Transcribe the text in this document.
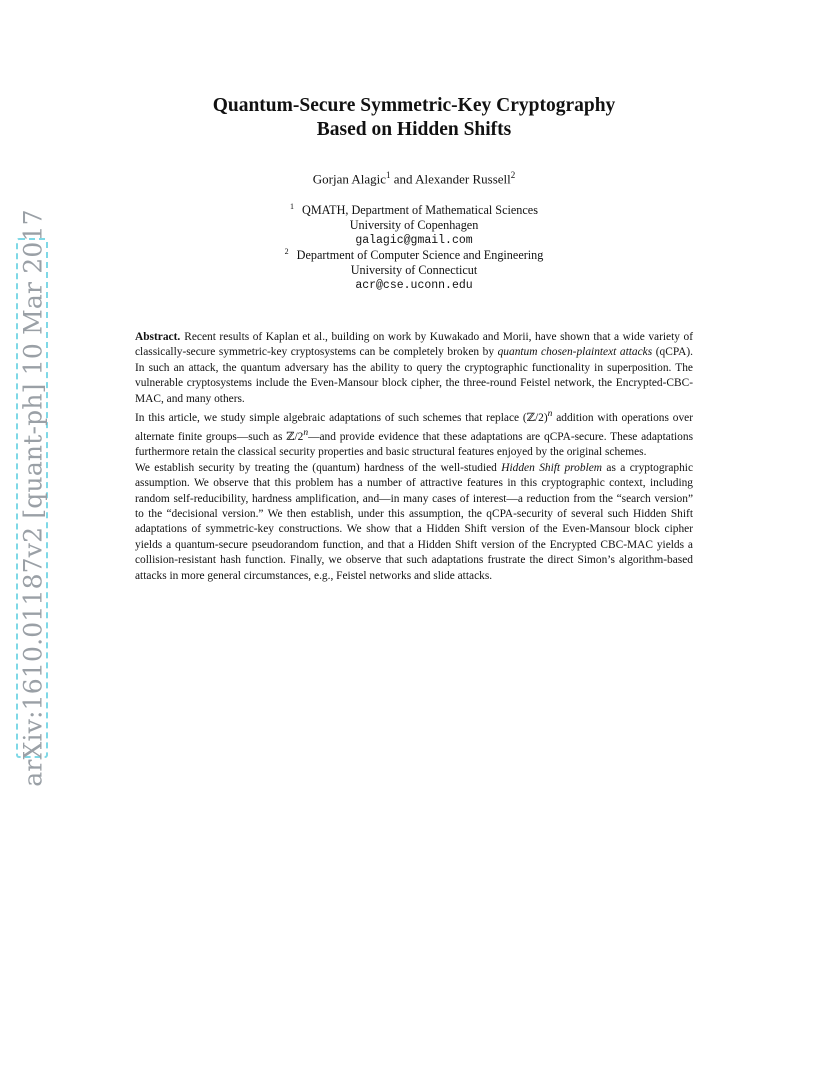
arXiv:1610.01187v2 [quant-ph] 10 Mar 2017
Quantum-Secure Symmetric-Key Cryptography
Based on Hidden Shifts
Gorjan Alagic$^1$ and Alexander Russell$^2$
$^1$ QMATH, Department of Mathematical Sciences
University of Copenhagen
galagic@gmail.com
$^2$ Department of Computer Science and Engineering
University of Connecticut
acr@cse.uconn.edu

Abstract. Recent results of Kaplan et al., building on work by Kuwakado and Morii, have shown that a wide variety of classically-secure symmetric-key cryptosystems can be completely broken by quantum chosen-plaintext attacks (qCPA). In such an attack, the quantum adversary has the ability to query the cryptographic functionality in superposition. The vulnerable cryptosystems include the Even-Mansour block cipher, the three-round Feistel network, the Encrypted-CBC-MAC, and many others.

In this article, we study simple algebraic adaptations of such schemes that replace (ℤ/2)$^n$ addition with operations over alternate finite groups—such as ℤ/2$^n$—and provide evidence that these adaptations are qCPA-secure. These adaptations furthermore retain the classical security properties and basic structural features enjoyed by the original schemes.

We establish security by treating the (quantum) hardness of the well-studied Hidden Shift problem as a cryptographic assumption. We observe that this problem has a number of attractive features in this cryptographic context, including random self-reducibility, hardness amplification, and—in many cases of interest—a reduction from the “search version” to the “decisional version.” We then establish, under this assumption, the qCPA-security of several such Hidden Shift adaptations of symmetric-key constructions. We show that a Hidden Shift version of the Even-Mansour block cipher yields a quantum-secure pseudorandom function, and that a Hidden Shift version of the Encrypted CBC-MAC yields a collision-resistant hash function. Finally, we observe that such adaptations frustrate the direct Simon’s algorithm-based attacks in more general circumstances, e.g., Feistel networks and slide attacks.
